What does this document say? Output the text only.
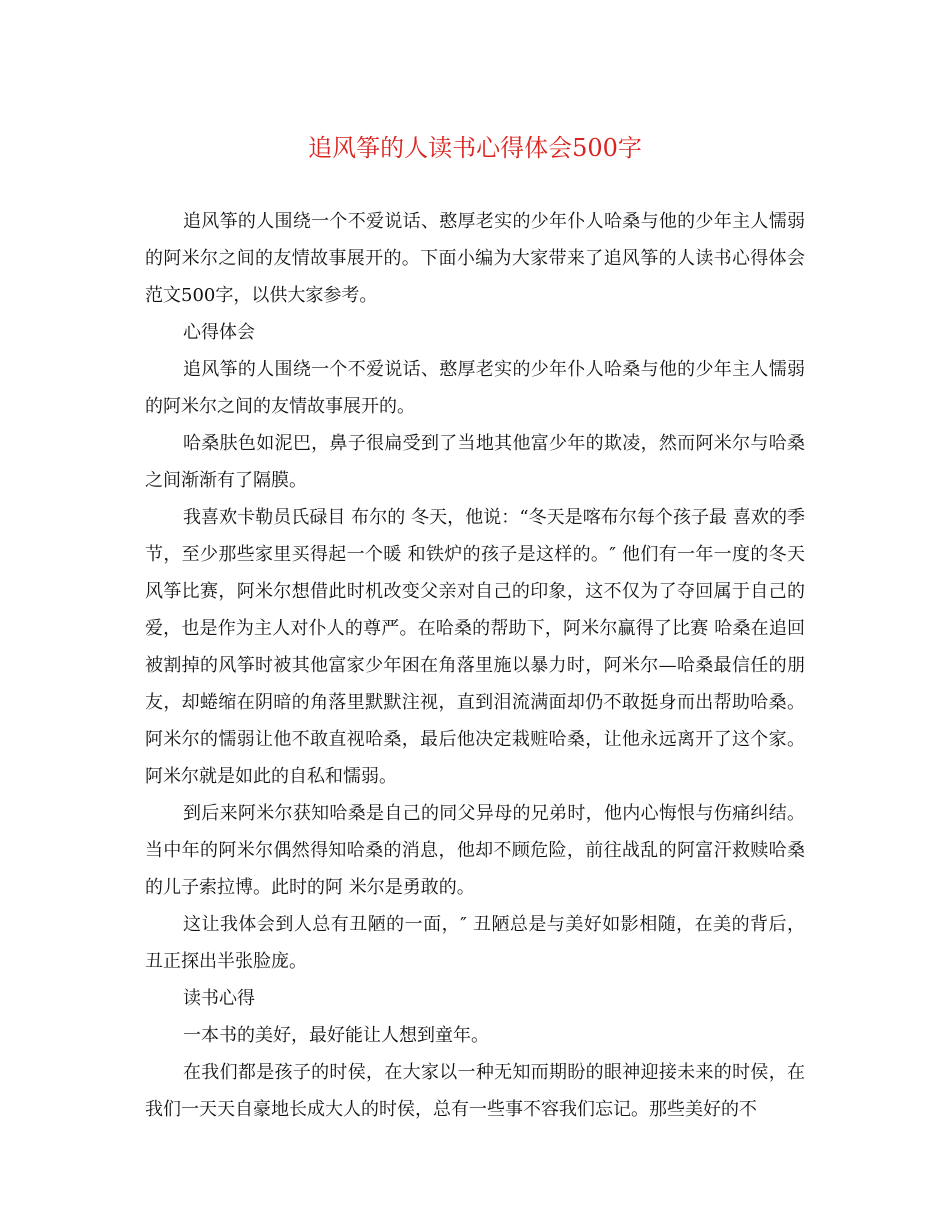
追风筝的人读书心得体会500字

追风筝的人围绕一个不爱说话、憨厚老实的少年仆人哈桑与他的少年主人懦弱的阿米尔之间的友情故事展开的。下面小编为大家带来了追风筝的人读书心得体会范文500字，以供大家参考。

心得体会

追风筝的人围绕一个不爱说话、憨厚老实的少年仆人哈桑与他的少年主人懦弱的阿米尔之间的友情故事展开的。

哈桑肤色如泥巴，鼻子很扁受到了当地其他富少年的欺凌，然而阿米尔与哈桑之间渐渐有了隔膜。

我喜欢卡勒员氏碌目 布尔的 冬天，他说：“冬天是喀布尔每个孩子最 喜欢的季节，至少那些家里买得起一个暖 和铁炉的孩子是这样的。″ 他们有一年一度的冬天风筝比赛，阿米尔想借此时机改变父亲对自己的印象，这不仅为了夺回属于自己的爱，也是作为主人对仆人的尊严。在哈桑的帮助下，阿米尔赢得了比赛 哈桑在追回被割掉的风筝时被其他富家少年困在角落里施以暴力时，阿米尔—哈桑最信任的朋友，却蜷缩在阴暗的角落里默默注视，直到泪流满面却仍不敢挺身而出帮助哈桑。阿米尔的懦弱让他不敢直视哈桑，最后他决定栽赃哈桑，让他永远离开了这个家。阿米尔就是如此的自私和懦弱。

到后来阿米尔获知哈桑是自己的同父异母的兄弟时，他内心悔恨与伤痛纠结。当中年的阿米尔偶然得知哈桑的消息，他却不顾危险，前往战乱的阿富汗救赎哈桑的儿子索拉博。此时的阿 米尔是勇敢的。

这让我体会到人总有丑陋的一面，″ 丑陋总是与美好如影相随，在美的背后，丑正探出半张脸庞。

读书心得

一本书的美好，最好能让人想到童年。

在我们都是孩子的时侯，在大家以一种无知而期盼的眼神迎接未来的时侯，在我们一天天自豪地长成大人的时侯，总有一些事不容我们忘记。那些美好的不
